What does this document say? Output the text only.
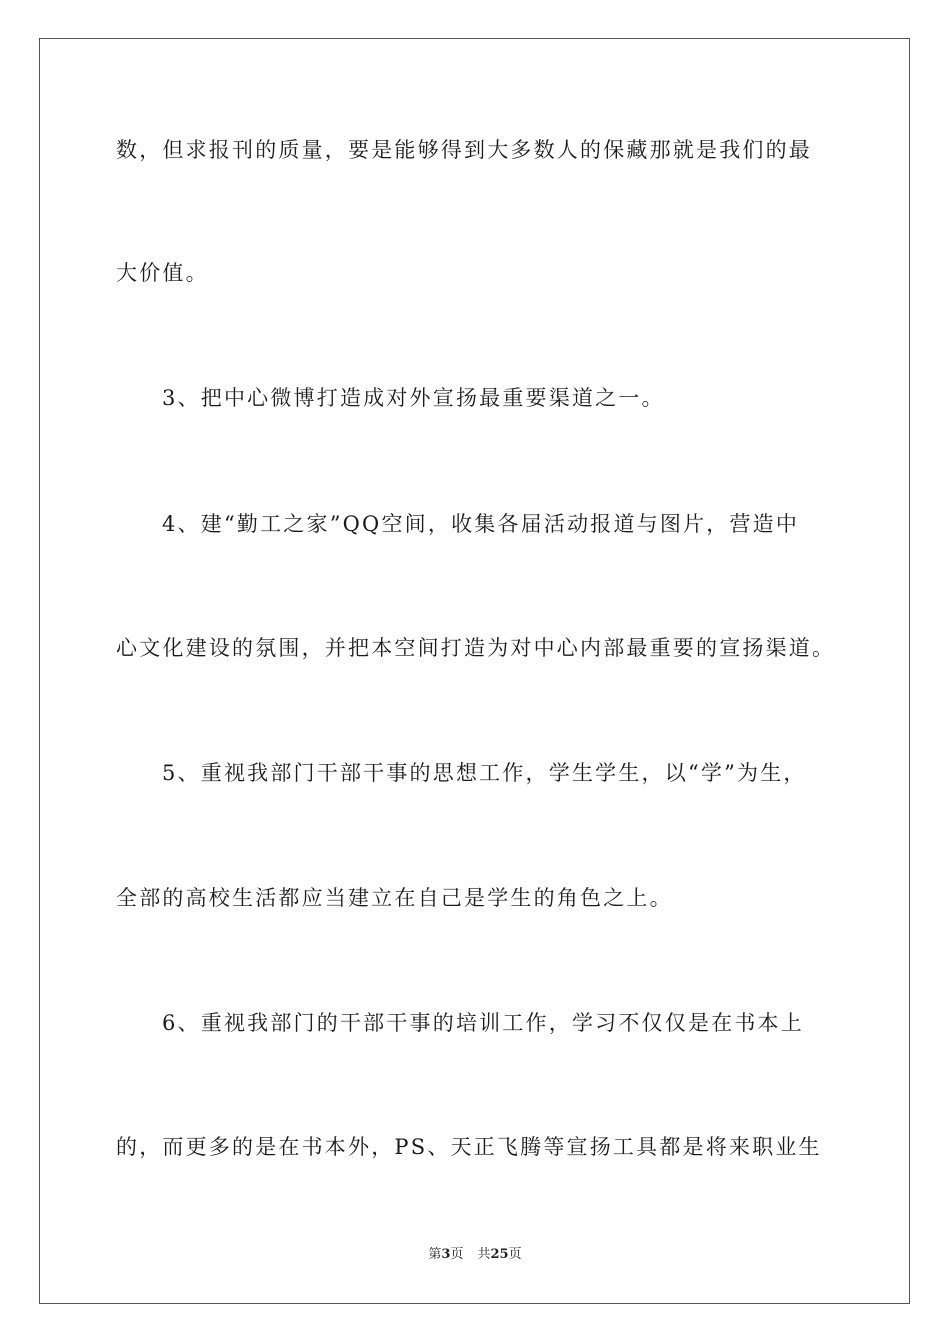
数，但求报刊的质量，要是能够得到大多数人的保藏那就是我们的最
大价值。
3、把中心微博打造成对外宣扬最重要渠道之一。
4、建“勤工之家”QQ空间，收集各届活动报道与图片，营造中
心文化建设的氛围，并把本空间打造为对中心内部最重要的宣扬渠道。
5、重视我部门干部干事的思想工作，学生学生，以“学”为生，
全部的高校生活都应当建立在自己是学生的角色之上。
6、重视我部门的干部干事的培训工作，学习不仅仅是在书本上
的，而更多的是在书本外，PS、天正飞腾等宣扬工具都是将来职业生
第3页 共25页
